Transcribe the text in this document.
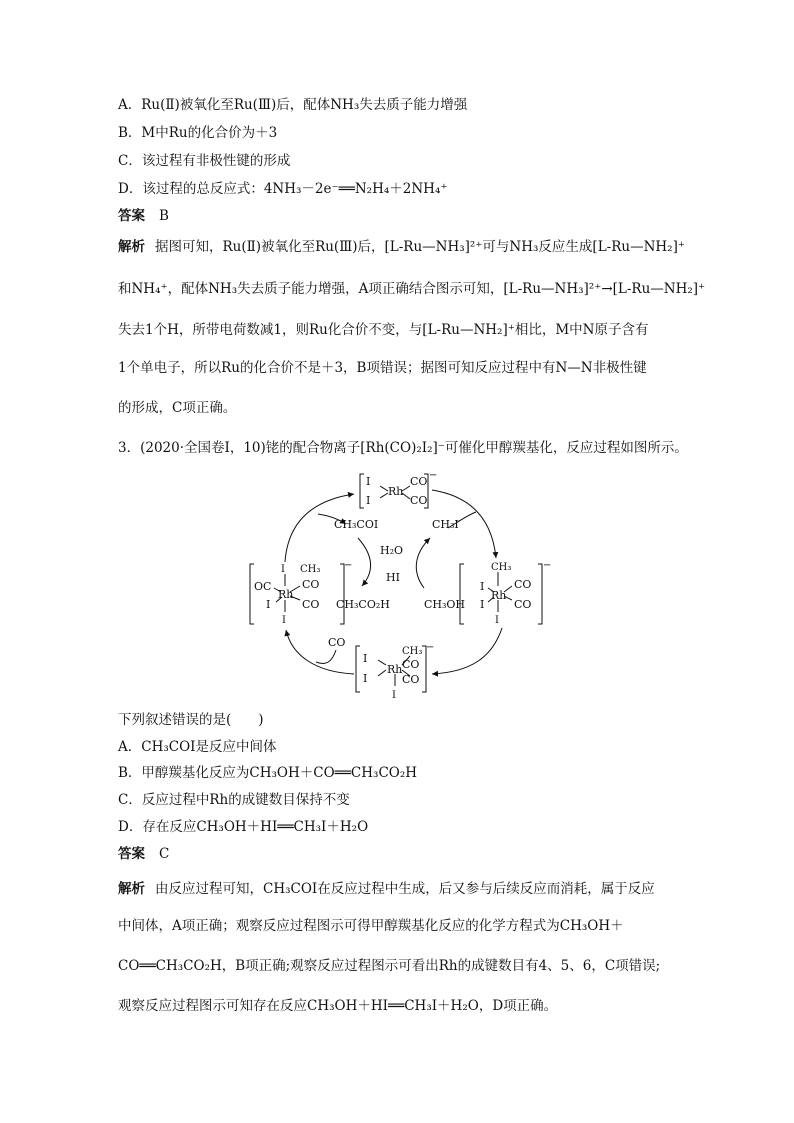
A．Ru(Ⅱ)被氧化至Ru(Ⅲ)后，配体NH₃失去质子能力增强
B．M中Ru的化合价为＋3
C．该过程有非极性键的形成
D．该过程的总反应式：4NH₃－2e⁻══N₂H₄＋2NH₄⁺
答案 B
解析 据图可知，Ru(Ⅱ)被氧化至Ru(Ⅲ)后，[L-Ru—NH₃]²⁺可与NH₃反应生成[L-Ru—NH₂]⁺
和NH₄⁺，配体NH₃失去质子能力增强，A项正确结合图示可知，[L-Ru—NH₃]²⁺→[L-Ru—NH₂]⁺
失去1个H，所带电荷数减1，则Ru化合价不变，与[L-Ru—NH₂]⁺相比，M中N原子含有
1个单电子，所以Ru的化合价不是＋3，B项错误；据图可知反应过程中有N—N非极性键
的形成，C项正确。
3．(2020·全国卷Ⅰ，10)铑的配合物离子[Rh(CO)₂I₂]⁻可催化甲醇羰基化，反应过程如图所示。
I
I
Rh
CO
CO
−
CH₃COI	CH₃I
H₂O
HI
CH₃CO₂H	CH₃OH
I CH₃
OC	CO
Rh
I	CO
I
−	CH₃
I	CO
Rh
I	CO
I
−
CO
CH₃
CO
I
Rh
I	CO
I
−
下列叙述错误的是(　　)
A．CH₃COI是反应中间体
B．甲醇羰基化反应为CH₃OH＋CO══CH₃CO₂H
C．反应过程中Rh的成键数目保持不变
D．存在反应CH₃OH＋HI══CH₃I＋H₂O
答案 C
解析 由反应过程可知，CH₃COI在反应过程中生成，后又参与后续反应而消耗，属于反应
中间体，A项正确；观察反应过程图示可得甲醇羰基化反应的化学方程式为CH₃OH＋
CO══CH₃CO₂H，B项正确;观察反应过程图示可看出Rh的成键数目有4、5、6，C项错误;
观察反应过程图示可知存在反应CH₃OH＋HI══CH₃I＋H₂O，D项正确。
